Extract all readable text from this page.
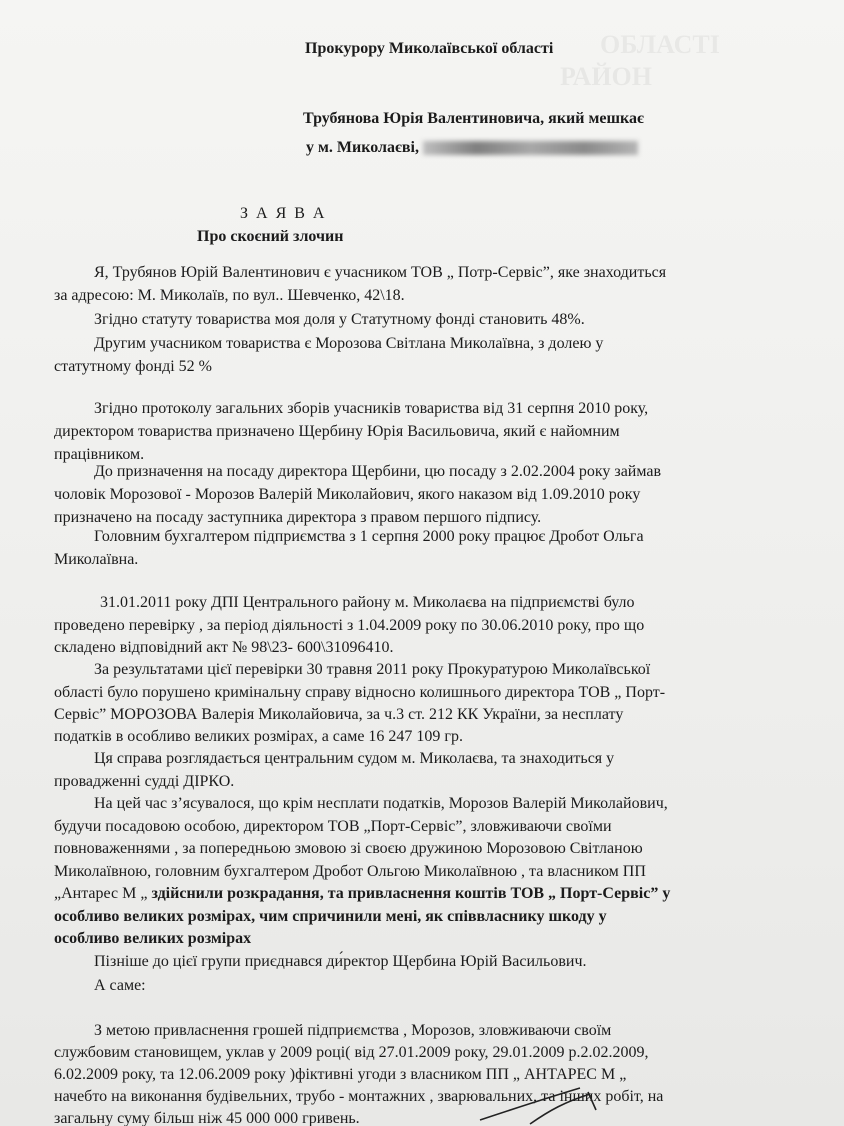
ОБЛАСТІ
РАЙОН

Прокурору Миколаївської області

Трубянова Юрія Валентиновича, який мешкає

у м. Миколаєві,

З А Я В А

Про скоєний злочин

Я, Трубянов Юрій Валентинович є учасником ТОВ „ Потр-Сервіс”, яке знаходиться

за адресою: М. Миколаїв, по вул.. Шевченко, 42\18.

Згідно статуту товариства моя доля у Статутному фонді становить 48%.

Другим учасником товариства є Морозова Світлана Миколаївна, з долею у

статутному фонді 52 %

Згідно протоколу загальних зборів учасників товариства від 31 серпня 2010 року,

директором товариства призначено Щербину Юрія Васильовича, який є найомним

працівником.

До призначення на посаду директора Щербини, цю посаду з 2.02.2004 року займав

чоловік Морозової - Морозов Валерій Миколайович, якого наказом від 1.09.2010 року

призначено на посаду заступника директора з правом першого підпису.

Головним бухгалтером підприємства з 1 серпня 2000 року працює Дробот Ольга

Миколаївна.

31.01.2011 року ДПІ Центрального району м. Миколаєва на підприємстві було

проведено перевірку , за період діяльності з 1.04.2009 року по 30.06.2010 року, про що

складено відповідний акт № 98\23- 600\31096410.

За результатами цієї перевірки 30 травня 2011 року Прокуратурою Миколаївської

області було порушено кримінальну справу відносно колишнього директора ТОВ „ Порт-

Сервіс” МОРОЗОВА Валерія Миколайовича, за ч.3 ст. 212 КК України, за несплату

податків в особливо великих розмірах, а саме 16 247 109 гр.

Ця справа розглядається центральним судом м. Миколаєва, та знаходиться у

провадженні судді ДІРКО.

На цей час з’ясувалося, що крім несплати податків, Морозов Валерій Миколайович,

будучи посадовою особою, директором ТОВ „Порт-Сервіс”, зловживаючи своїми

повноваженнями , за попередньою змовою зі своєю дружиною Морозовою Світланою

Миколаївною, головним бухгалтером Дробот Ольгою Миколаївною , та власником ПП

„Антарес М „ здійснили розкрадання, та привласнення коштів ТОВ „ Порт-Сервіс” у

особливо великих розмірах, чим спричинили мені, як співвласнику шкоду у

особливо великих розмірах

Пізніше до цієї групи приєднався ди́ректор Щербина Юрій Васильович.

А саме:

З метою привласнення грошей підприємства , Морозов, зловживаючи своїм

службовим становищем, уклав у 2009 році( від 27.01.2009 року, 29.01.2009 р.2.02.2009,

6.02.2009 року, та 12.06.2009 року )фіктивні угоди з власником ПП „ АНТАРЕС М „

начебто на виконання будівельних, трубо - монтажних , зварювальних, та інших робіт, на

загальну суму більш ніж 45 000 000 гривень.
